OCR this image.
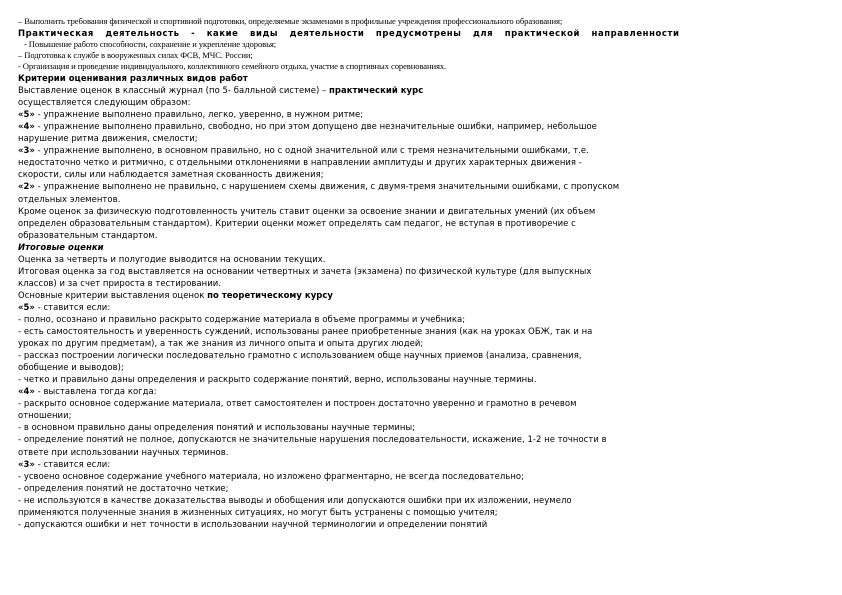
– Выполнить требования физической и спортивной подготовки, определяемые экзаменами в профильные учреждения профессионального образования;
Практическая деятельность - какие виды деятельности предусмотрены для практической направленности
- Повышение работо способности, сохранение и укрепление здоровья;
– Подготовка к службе в вооруженных силах ФСВ, МЧС. России;
- Организация и проведение индивидуального, коллективного семейного отдыха, участие в спортивных соревнованиях.
Критерии оценивания различных видов работ
Выставление оценок в классный журнал (по 5- балльной системе) – практический курс
осуществляется следующим образом:
«5» - упражнение выполнено правильно, легко, уверенно, в нужном ритме;
«4» - упражнение выполнено правильно, свободно, но при этом допущено две незначительные ошибки, например, небольшое
нарушение ритма движения, смелости;
«3» - упражнение выполнено, в основном правильно, но с одной значительной или с тремя незначительными ошибками, т.е.
недостаточно четко и ритмично, с отдельными отклонениями в направлении амплитуды и других характерных движения -
скорости, силы или наблюдается заметная скованность движения;
«2» - упражнение выполнено не правильно, с нарушением схемы движения, с двумя-тремя значительными ошибками, с пропуском
отдельных элементов.
Кроме оценок за физическую подготовленность учитель ставит оценки за освоение знании и двигательных умений (их объем
определен образовательным стандартом). Критерии оценки может определять сам педагог, не вступая в противоречие с
образовательным стандартом.
Итоговые оценки
Оценка за четверть и полугодие выводится на основании текущих.
Итоговая оценка за год выставляется на основании четвертных и зачета (экзамена) по физической культуре (для выпускных
классов) и за счет прироста в тестировании.
Основные критерии выставления оценок по теоретическому курсу
«5» - ставится если:
- полно, осознано и правильно раскрыто содержание материала в объеме программы и учебника;
- есть самостоятельность и уверенность суждений, использованы ранее приобретенные знания (как на уроках ОБЖ, так и на
уроках по другим предметам), а так же знания из личного опыта и опыта других людей;
- рассказ построении логически последовательно грамотно с использованием обще научных приемов (анализа, сравнения,
обобщение и выводов);
- четко и правильно даны определения и раскрыто содержание понятий, верно, использованы научные термины.
«4» - выставлена тогда когда:
- раскрыто основное содержание материала, ответ самостоятелен и построен достаточно уверенно и грамотно в речевом
отношении;
- в основном правильно даны определения понятий и использованы научные термины;
- определение понятий не полное, допускаются не значительные нарушения последовательности, искажение, 1-2 не точности в
ответе при использовании научных терминов.
«3» - ставится если:
- усвоено основное содержание учебного материала, но изложено фрагментарно, не всегда последовательно;
- определения понятий не достаточно четкие;
- не используются в качестве доказательства выводы и обобщения или допускаются ошибки при их изложении, неумело
применяются полученные знания в жизненных ситуациях, но могут быть устранены с помощью учителя;
- допускаются ошибки и нет точности в использовании научной терминологии и определении понятий
